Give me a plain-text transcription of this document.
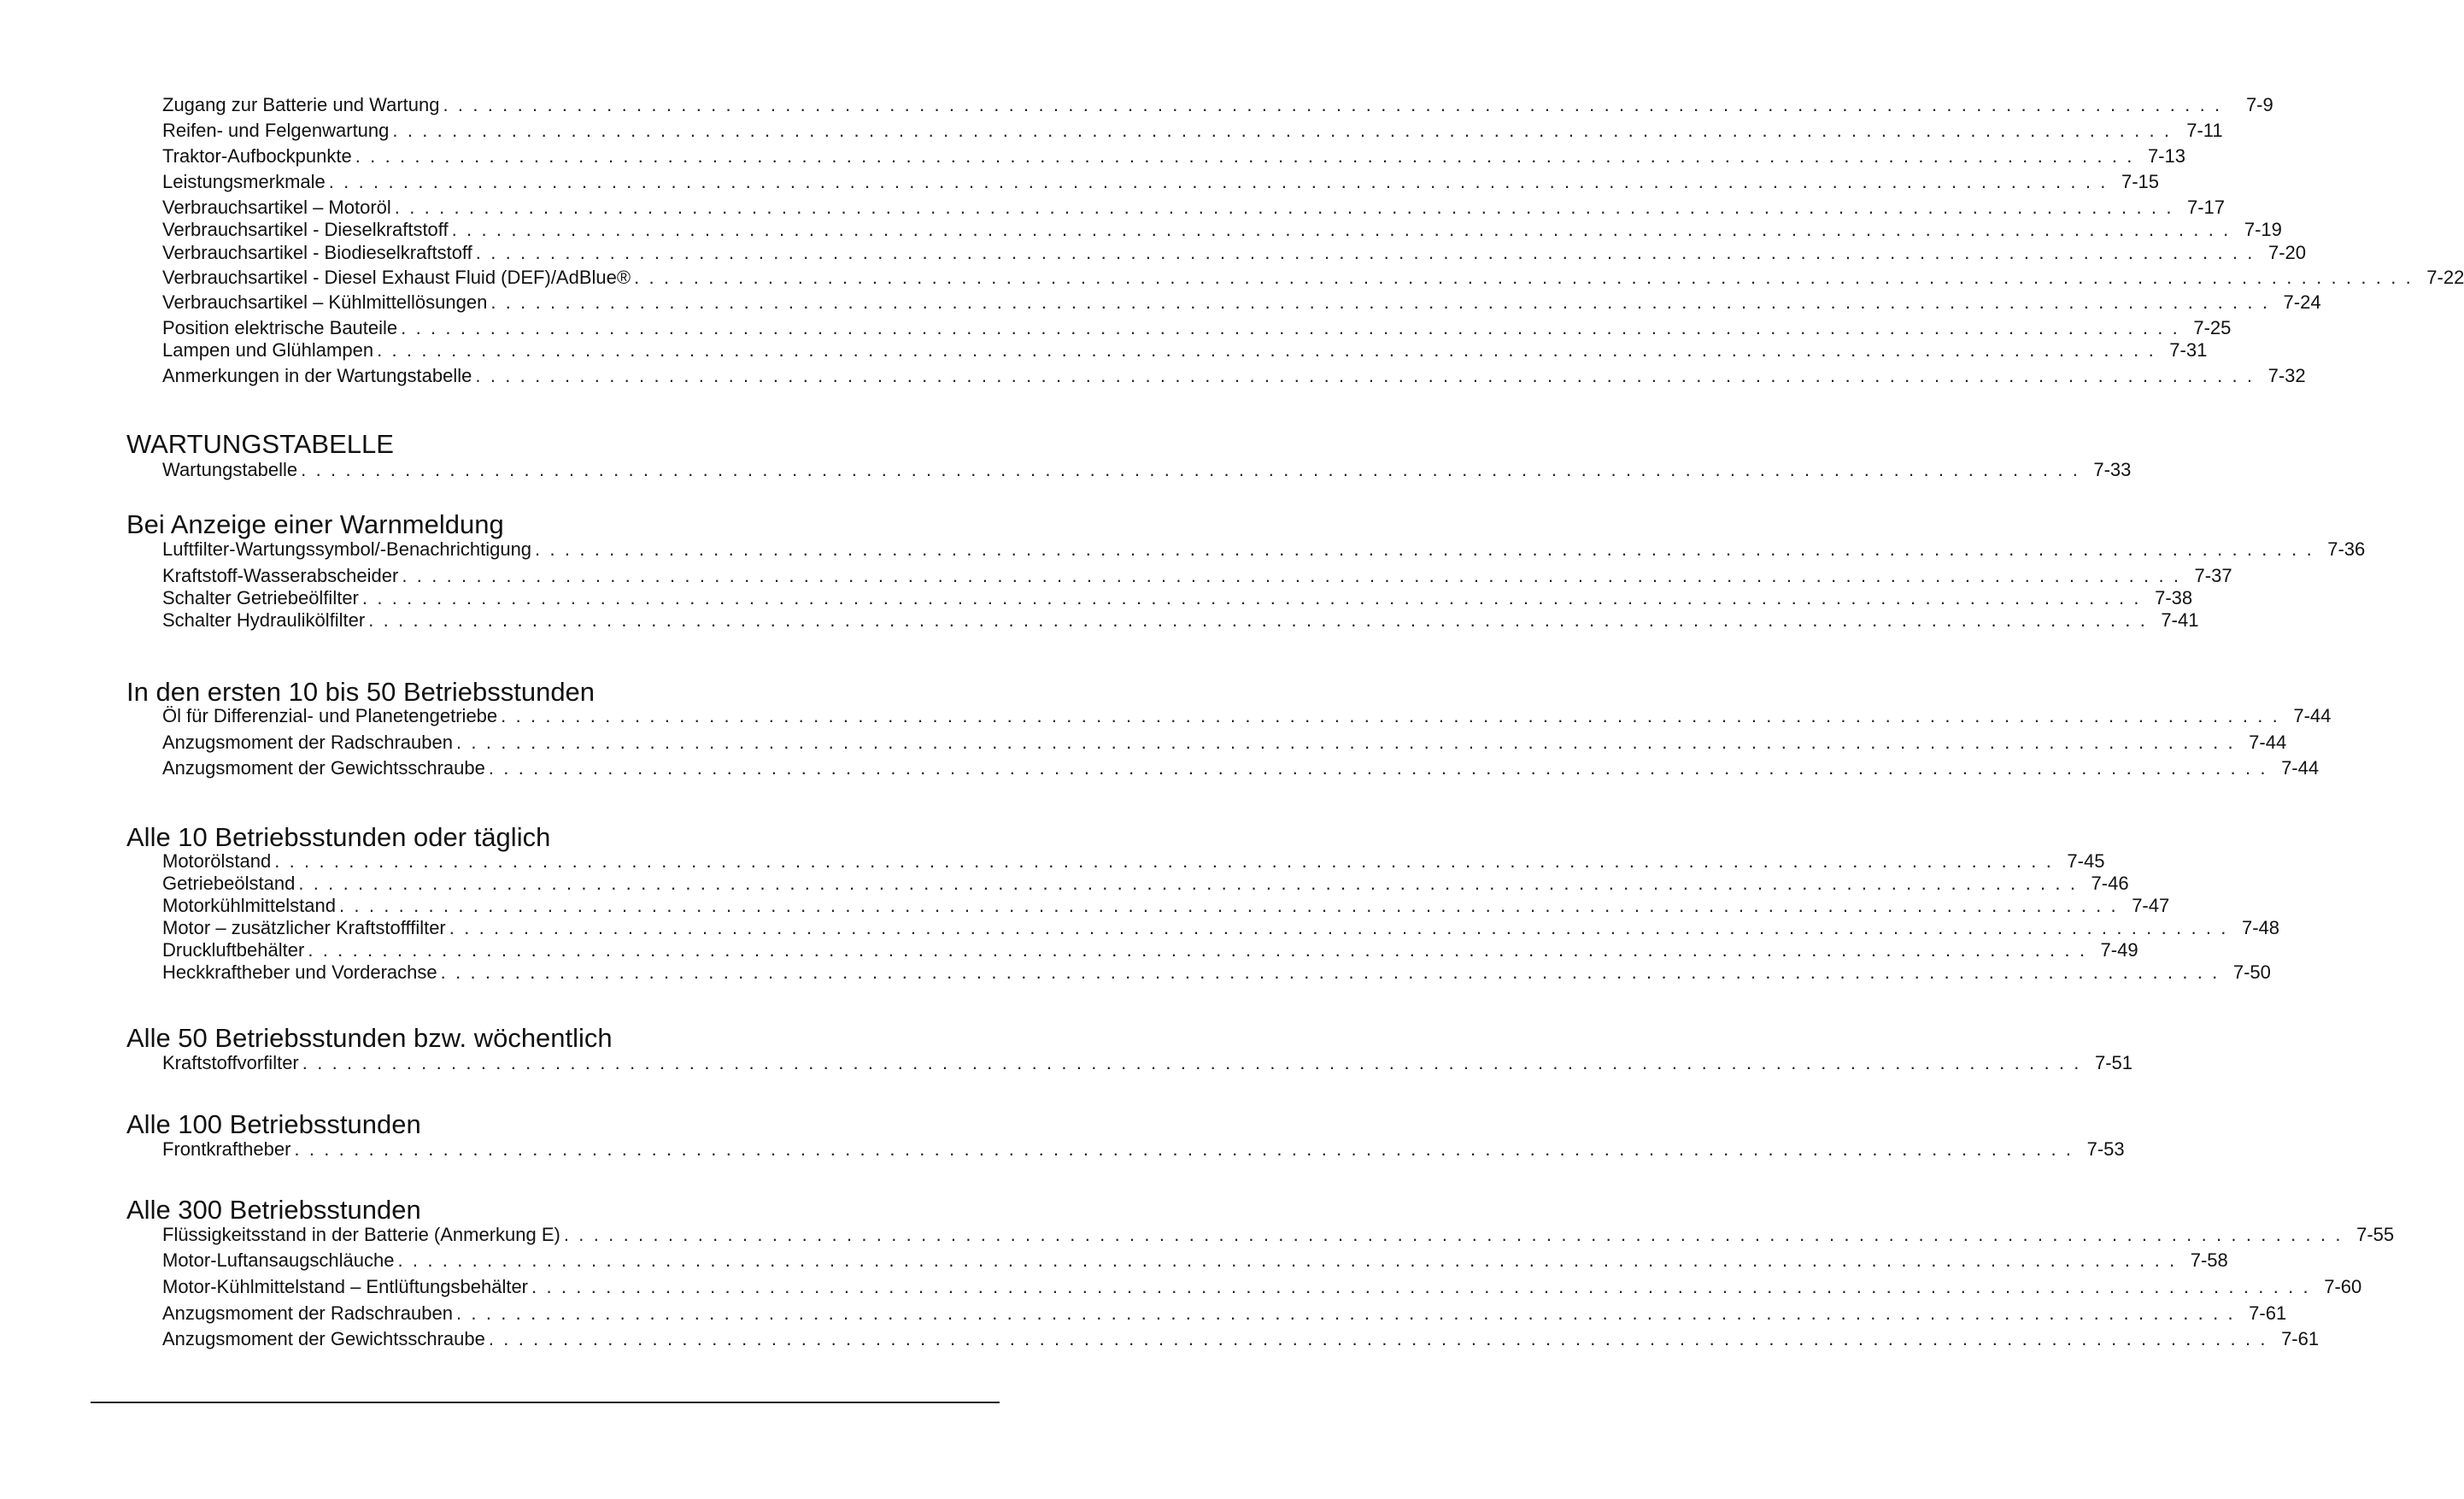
Zugang zur Batterie und Wartung . . . . . . . . . . . . . . . . . . . . . . . . . . . . . . . . . . . . . . . . . . . . . . . . . . . . . . . . . . . . . . . . . . . . . . . . . . . . . . . . . . . . . . . . . . . . . . . . . . . . . . . . . . . . . . . . . . . . . . . .	7-9
Reifen- und Felgenwartung . . . . . . . . . . . . . . . . . . . . . . . . . . . . . . . . . . . . . . . . . . . . . . . . . . . . . . . . . . . . . . . . . . . . . . . . . . . . . . . . . . . . . . . . . . . . . . . . . . . . . . . . . . . . . . . . . . . . . . . . 7-11
Traktor-Aufbockpunkte . . . . . . . . . . . . . . . . . . . . . . . . . . . . . . . . . . . . . . . . . . . . . . . . . . . . . . . . . . . . . . . . . . . . . . . . . . . . . . . . . . . . . . . . . . . . . . . . . . . . . . . . . . . . . . . . . . . . . . . . 7-13
Leistungsmerkmale . . . . . . . . . . . . . . . . . . . . . . . . . . . . . . . . . . . . . . . . . . . . . . . . . . . . . . . . . . . . . . . . . . . . . . . . . . . . . . . . . . . . . . . . . . . . . . . . . . . . . . . . . . . . . . . . . . . . . . . . 7-15
Verbrauchsartikel – Motoröl . . . . . . . . . . . . . . . . . . . . . . . . . . . . . . . . . . . . . . . . . . . . . . . . . . . . . . . . . . . . . . . . . . . . . . . . . . . . . . . . . . . . . . . . . . . . . . . . . . . . . . . . . . . . . . . . . . . . . . . . 7-17
Verbrauchsartikel - Dieselkraftstoff . . . . . . . . . . . . . . . . . . . . . . . . . . . . . . . . . . . . . . . . . . . . . . . . . . . . . . . . . . . . . . . . . . . . . . . . . . . . . . . . . . . . . . . . . . . . . . . . . . . . . . . . . . . . . . . . . . . . . . . . 7-19
Verbrauchsartikel - Biodieselkraftstoff . . . . . . . . . . . . . . . . . . . . . . . . . . . . . . . . . . . . . . . . . . . . . . . . . . . . . . . . . . . . . . . . . . . . . . . . . . . . . . . . . . . . . . . . . . . . . . . . . . . . . . . . . . . . . . . . . . . . . . . . 7-20
Verbrauchsartikel - Diesel Exhaust Fluid (DEF)/AdBlue® . . . . . . . . . . . . . . . . . . . . . . . . . . . . . . . . . . . . . . . . . . . . . . . . . . . . . . . . . . . . . . . . . . . . . . . . . . . . . . . . . . . . . . . . . . . . . . . . . . . . . . . . . . . . . . . . . . . . . . . . 7-22
Verbrauchsartikel – Kühlmittellösungen . . . . . . . . . . . . . . . . . . . . . . . . . . . . . . . . . . . . . . . . . . . . . . . . . . . . . . . . . . . . . . . . . . . . . . . . . . . . . . . . . . . . . . . . . . . . . . . . . . . . . . . . . . . . . . . . . . . . . . . . 7-24
Position elektrische Bauteile . . . . . . . . . . . . . . . . . . . . . . . . . . . . . . . . . . . . . . . . . . . . . . . . . . . . . . . . . . . . . . . . . . . . . . . . . . . . . . . . . . . . . . . . . . . . . . . . . . . . . . . . . . . . . . . . . . . . . . . . 7-25
Lampen und Glühlampen . . . . . . . . . . . . . . . . . . . . . . . . . . . . . . . . . . . . . . . . . . . . . . . . . . . . . . . . . . . . . . . . . . . . . . . . . . . . . . . . . . . . . . . . . . . . . . . . . . . . . . . . . . . . . . . . . . . . . . . . 7-31
Anmerkungen in der Wartungstabelle . . . . . . . . . . . . . . . . . . . . . . . . . . . . . . . . . . . . . . . . . . . . . . . . . . . . . . . . . . . . . . . . . . . . . . . . . . . . . . . . . . . . . . . . . . . . . . . . . . . . . . . . . . . . . . . . . . . . . . . . 7-32
WARTUNGSTABELLE
Wartungstabelle . . . . . . . . . . . . . . . . . . . . . . . . . . . . . . . . . . . . . . . . . . . . . . . . . . . . . . . . . . . . . . . . . . . . . . . . . . . . . . . . . . . . . . . . . . . . . . . . . . . . . . . . . . . . . . . . . . . . . . . . 7-33
Bei Anzeige einer Warnmeldung
Luftfilter-Wartungssymbol/-Benachrichtigung . . . . . . . . . . . . . . . . . . . . . . . . . . . . . . . . . . . . . . . . . . . . . . . . . . . . . . . . . . . . . . . . . . . . . . . . . . . . . . . . . . . . . . . . . . . . . . . . . . . . . . . . . . . . . . . . . . . . . . . . 7-36
Kraftstoff-Wasserabscheider . . . . . . . . . . . . . . . . . . . . . . . . . . . . . . . . . . . . . . . . . . . . . . . . . . . . . . . . . . . . . . . . . . . . . . . . . . . . . . . . . . . . . . . . . . . . . . . . . . . . . . . . . . . . . . . . . . . . . . . . 7-37
Schalter Getriebeölfilter . . . . . . . . . . . . . . . . . . . . . . . . . . . . . . . . . . . . . . . . . . . . . . . . . . . . . . . . . . . . . . . . . . . . . . . . . . . . . . . . . . . . . . . . . . . . . . . . . . . . . . . . . . . . . . . . . . . . . . . . 7-38
Schalter Hydraulikölfilter . . . . . . . . . . . . . . . . . . . . . . . . . . . . . . . . . . . . . . . . . . . . . . . . . . . . . . . . . . . . . . . . . . . . . . . . . . . . . . . . . . . . . . . . . . . . . . . . . . . . . . . . . . . . . . . . . . . . . . . . 7-41
In den ersten 10 bis 50 Betriebsstunden
Öl für Differenzial- und Planetengetriebe . . . . . . . . . . . . . . . . . . . . . . . . . . . . . . . . . . . . . . . . . . . . . . . . . . . . . . . . . . . . . . . . . . . . . . . . . . . . . . . . . . . . . . . . . . . . . . . . . . . . . . . . . . . . . . . . . . . . . . . . 7-44
Anzugsmoment der Radschrauben . . . . . . . . . . . . . . . . . . . . . . . . . . . . . . . . . . . . . . . . . . . . . . . . . . . . . . . . . . . . . . . . . . . . . . . . . . . . . . . . . . . . . . . . . . . . . . . . . . . . . . . . . . . . . . . . . . . . . . . . 7-44
Anzugsmoment der Gewichtsschraube . . . . . . . . . . . . . . . . . . . . . . . . . . . . . . . . . . . . . . . . . . . . . . . . . . . . . . . . . . . . . . . . . . . . . . . . . . . . . . . . . . . . . . . . . . . . . . . . . . . . . . . . . . . . . . . . . . . . . . . . 7-44
Alle 10 Betriebsstunden oder täglich
Motorölstand . . . . . . . . . . . . . . . . . . . . . . . . . . . . . . . . . . . . . . . . . . . . . . . . . . . . . . . . . . . . . . . . . . . . . . . . . . . . . . . . . . . . . . . . . . . . . . . . . . . . . . . . . . . . . . . . . . . . . . . . 7-45
Getriebeölstand . . . . . . . . . . . . . . . . . . . . . . . . . . . . . . . . . . . . . . . . . . . . . . . . . . . . . . . . . . . . . . . . . . . . . . . . . . . . . . . . . . . . . . . . . . . . . . . . . . . . . . . . . . . . . . . . . . . . . . . . 7-46
Motorkühlmittelstand . . . . . . . . . . . . . . . . . . . . . . . . . . . . . . . . . . . . . . . . . . . . . . . . . . . . . . . . . . . . . . . . . . . . . . . . . . . . . . . . . . . . . . . . . . . . . . . . . . . . . . . . . . . . . . . . . . . . . . . . 7-47
Motor – zusätzlicher Kraftstofffilter . . . . . . . . . . . . . . . . . . . . . . . . . . . . . . . . . . . . . . . . . . . . . . . . . . . . . . . . . . . . . . . . . . . . . . . . . . . . . . . . . . . . . . . . . . . . . . . . . . . . . . . . . . . . . . . . . . . . . . . . 7-48
Druckluftbehälter . . . . . . . . . . . . . . . . . . . . . . . . . . . . . . . . . . . . . . . . . . . . . . . . . . . . . . . . . . . . . . . . . . . . . . . . . . . . . . . . . . . . . . . . . . . . . . . . . . . . . . . . . . . . . . . . . . . . . . . . 7-49
Heckkraftheber und Vorderachse . . . . . . . . . . . . . . . . . . . . . . . . . . . . . . . . . . . . . . . . . . . . . . . . . . . . . . . . . . . . . . . . . . . . . . . . . . . . . . . . . . . . . . . . . . . . . . . . . . . . . . . . . . . . . . . . . . . . . . . . 7-50
Alle 50 Betriebsstunden bzw. wöchentlich
Kraftstoffvorfilter . . . . . . . . . . . . . . . . . . . . . . . . . . . . . . . . . . . . . . . . . . . . . . . . . . . . . . . . . . . . . . . . . . . . . . . . . . . . . . . . . . . . . . . . . . . . . . . . . . . . . . . . . . . . . . . . . . . . . . . . 7-51
Alle 100 Betriebsstunden
Frontkraftheber . . . . . . . . . . . . . . . . . . . . . . . . . . . . . . . . . . . . . . . . . . . . . . . . . . . . . . . . . . . . . . . . . . . . . . . . . . . . . . . . . . . . . . . . . . . . . . . . . . . . . . . . . . . . . . . . . . . . . . . . 7-53
Alle 300 Betriebsstunden
Flüssigkeitsstand in der Batterie (Anmerkung E) . . . . . . . . . . . . . . . . . . . . . . . . . . . . . . . . . . . . . . . . . . . . . . . . . . . . . . . . . . . . . . . . . . . . . . . . . . . . . . . . . . . . . . . . . . . . . . . . . . . . . . . . . . . . . . . . . . . . . . . . 7-55
Motor-Luftansaugschläuche . . . . . . . . . . . . . . . . . . . . . . . . . . . . . . . . . . . . . . . . . . . . . . . . . . . . . . . . . . . . . . . . . . . . . . . . . . . . . . . . . . . . . . . . . . . . . . . . . . . . . . . . . . . . . . . . . . . . . . . . 7-58
Motor-Kühlmittelstand – Entlüftungsbehälter . . . . . . . . . . . . . . . . . . . . . . . . . . . . . . . . . . . . . . . . . . . . . . . . . . . . . . . . . . . . . . . . . . . . . . . . . . . . . . . . . . . . . . . . . . . . . . . . . . . . . . . . . . . . . . . . . . . . . . . . 7-60
Anzugsmoment der Radschrauben . . . . . . . . . . . . . . . . . . . . . . . . . . . . . . . . . . . . . . . . . . . . . . . . . . . . . . . . . . . . . . . . . . . . . . . . . . . . . . . . . . . . . . . . . . . . . . . . . . . . . . . . . . . . . . . . . . . . . . . . 7-61
Anzugsmoment der Gewichtsschraube . . . . . . . . . . . . . . . . . . . . . . . . . . . . . . . . . . . . . . . . . . . . . . . . . . . . . . . . . . . . . . . . . . . . . . . . . . . . . . . . . . . . . . . . . . . . . . . . . . . . . . . . . . . . . . . . . . . . . . . . 7-61
